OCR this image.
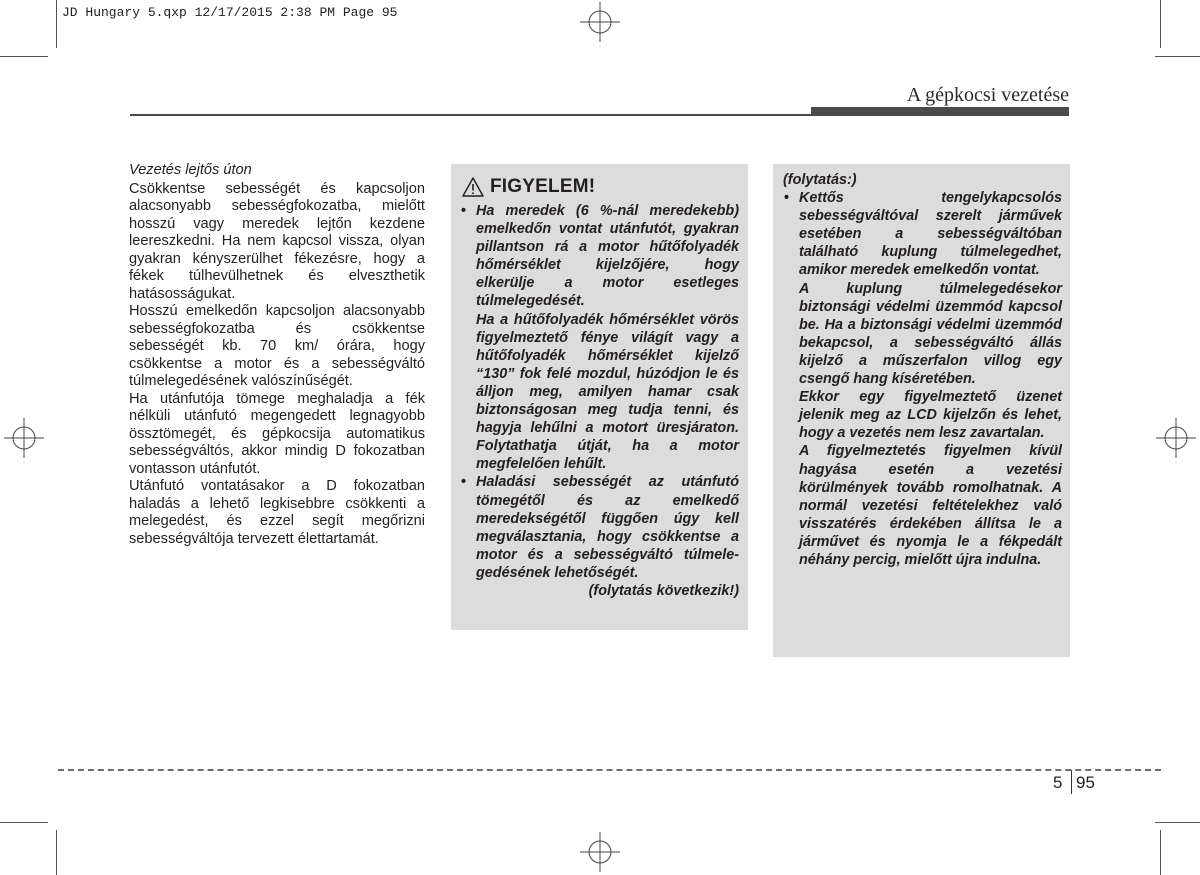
JD Hungary 5.qxp 12/17/2015 2:38 PM Page 95
A gépkocsi vezetése

Vezetés lejtős úton

Csökkentse sebességét és kapcsoljon alacsonyabb sebességfokozatba, mielőtt hosszú vagy meredek lejtőn kezdene leereszkedni. Ha nem kapcsol vissza, olyan gyakran kényszerülhet fékezésre, hogy a fékek túlhevülhetnek és elveszthetik hatásosságukat.

Hosszú emelkedőn kapcsoljon alacsonyabb sebességfokozatba és csökkentse sebességét kb. 70 km/ órára, hogy csökkentse a motor és a sebességváltó túlmelegedésének valószínűségét.

Ha utánfutója tömege meghaladja a fék nélküli utánfutó megengedett legnagyobb össztömegét, és gépkocsija automatikus sebességváltós, akkor mindig D fokozatban vontasson utánfutót.

Utánfutó vontatásakor a D fokozatban haladás a lehető legkisebbre csökkenti a melegedést, és ezzel segít megőrizni sebességváltója tervezett élettartamát.

FIGYELEM!

• Ha meredek (6 %-nál meredekebb) emelkedőn vontat utánfutót, gyakran pillantson rá a motor hűtőfolyadék hőmérséklet kijelzőjére, hogy elkerülje a motor esetleges túlmelegedését.

Ha a hűtőfolyadék hőmérséklet vörös figyelmeztető fénye világít vagy a hűtőfolyadék hőmérséklet kijelző “130” fok felé mozdul, húzódjon le és álljon meg, amilyen hamar csak biztonságosan meg tudja tenni, és hagyja lehűlni a motort üresjáraton. Folytathatja útját, ha a motor megfelelően lehűlt.

• Haladási sebességét az utánfutó tömegétől és az emelkedő meredekségétől függően úgy kell megválasztania, hogy csökkentse a motor és a sebességváltó túlmele-gedésének lehetőségét.

(folytatás következik!)

(folytatás:)

• Kettős tengelykapcsolós sebességváltóval szerelt járművek esetében a sebességváltóban található kuplung túlmelegedhet, amikor meredek emelkedőn vontat.

A kuplung túlmelegedésekor biztonsági védelmi üzemmód kapcsol be. Ha a biztonsági védelmi üzemmód bekapcsol, a sebességváltó állás kijelző a műszerfalon villog egy csengő hang kíséretében.

Ekkor egy figyelmeztető üzenet jelenik meg az LCD kijelzőn és lehet, hogy a vezetés nem lesz zavartalan.

A figyelmeztetés figyelmen kívül hagyása esetén a vezetési körülmények tovább romolhatnak. A normál vezetési feltételekhez való visszatérés érdekében állítsa le a járművet és nyomja le a fékpedált néhány percig, mielőtt újra indulna.

5 95
